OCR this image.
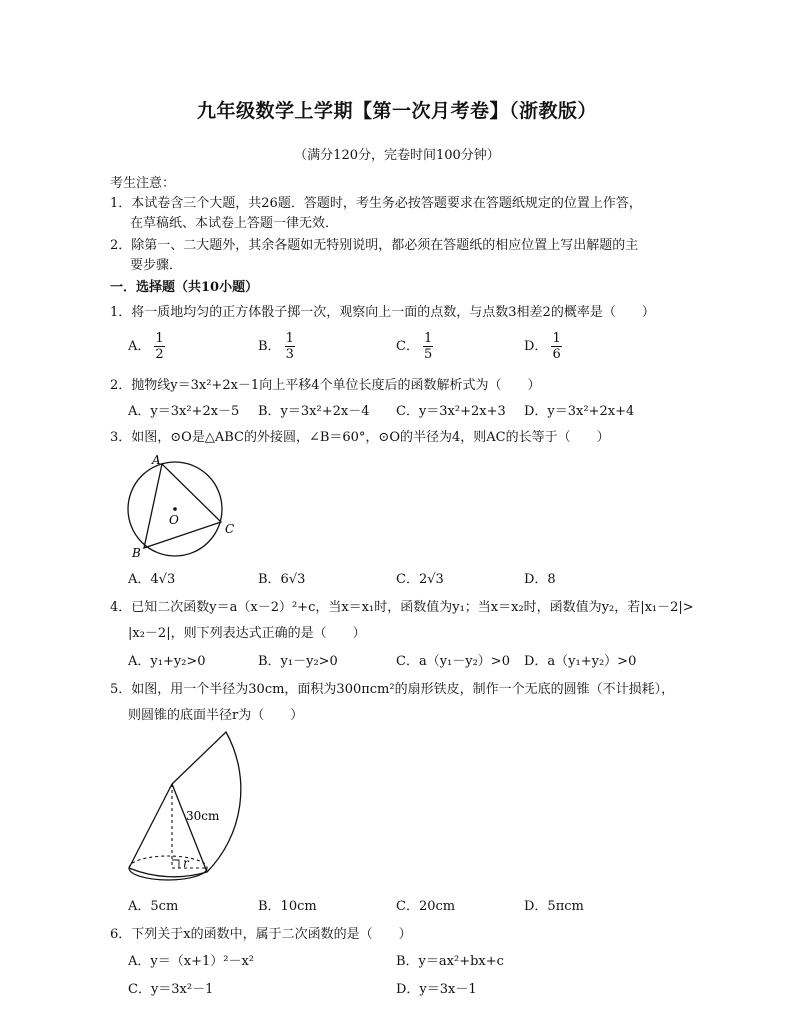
九年级数学上学期【第一次月考卷】（浙教版）
（满分120分，完卷时间100分钟）
考生注意：
1．本试卷含三个大题，共26题．答题时，考生务必按答题要求在答题纸规定的位置上作答，
在草稿纸、本试卷上答题一律无效．
2．除第一、二大题外，其余各题如无特别说明，都必须在答题纸的相应位置上写出解题的主
要步骤．
一．选择题（共10小题）
1．将一质地均匀的正方体骰子掷一次，观察向上一面的点数，与点数3相差2的概率是（　　）
A． $\frac{1}{2}$	B． $\frac{1}{3}$	C． $\frac{1}{5}$	D． $\frac{1}{6}$
2．抛物线y＝3x²+2x－1向上平移4个单位长度后的函数解析式为（　　）
A．y＝3x²+2x－5 B．y＝3x²+2x－4 C．y＝3x²+2x+3 D．y＝3x²+2x+4
3．如图，⊙O是△ABC的外接圆，∠B＝60°，⊙O的半径为4，则AC的长等于（　　）
A
B
C
O
A．4√3	B．6√3	C．2√3	D．8
4．已知二次函数y＝a（x－2）²+c，当x＝x₁时，函数值为y₁；当x＝x₂时，函数值为y₂，若|x₁－2|>
|x₂－2|，则下列表达式正确的是（　　）
A．y₁+y₂>0	B．y₁－y₂>0	C．a（y₁－y₂）>0 D．a（y₁+y₂）>0
5．如图，用一个半径为30cm，面积为300πcm²的扇形铁皮，制作一个无底的圆锥（不计损耗），
则圆锥的底面半径r为（　　）
30cm
r
A．5cm	B．10cm	C．20cm	D．5πcm
6．下列关于x的函数中，属于二次函数的是（　　）
A．y＝（x+1）²－x²	B．y＝ax²+bx+c
C．y＝3x²－1	D．y＝3x－1
